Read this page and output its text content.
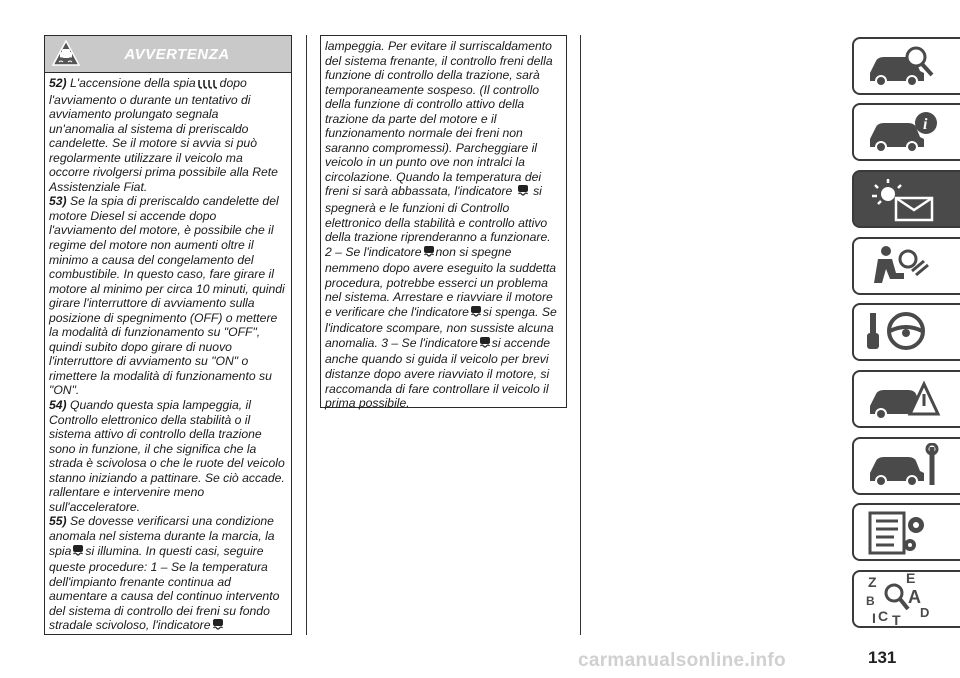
AVVERTENZA

52) L'accensione della spia dopo l'avviamento o durante un tentativo di avviamento prolungato segnala un'anomalia al sistema di preriscaldo candelette. Se il motore si avvia si può regolarmente utilizzare il veicolo ma occorre rivolgersi prima possibile alla Rete Assistenziale Fiat.

53) Se la spia di preriscaldo candelette del motore Diesel si accende dopo l'avviamento del motore, è possibile che il regime del motore non aumenti oltre il minimo a causa del congelamento del combustibile. In questo caso, fare girare il motore al minimo per circa 10 minuti, quindi girare l'interruttore di avviamento sulla posizione di spegnimento (OFF) o mettere la modalità di funzionamento su "OFF", quindi subito dopo girare di nuovo l'interruttore di avviamento su "ON" o rimettere la modalità di funzionamento su "ON".

54) Quando questa spia lampeggia, il Controllo elettronico della stabilità o il sistema attivo di controllo della trazione sono in funzione, il che significa che la strada è scivolosa o che le ruote del veicolo stanno iniziando a pattinare. Se ciò accade. rallentare e intervenire meno sull'acceleratore.

55) Se dovesse verificarsi una condizione anomala nel sistema durante la marcia, la spia si illumina. In questi casi, seguire queste procedure: 1 – Se la temperatura dell'impianto frenante continua ad aumentare a causa del continuo intervento del sistema di controllo dei freni su fondo stradale scivoloso, l'indicatore

lampeggia. Per evitare il surriscaldamento del sistema frenante, il controllo freni della funzione di controllo della trazione, sarà temporaneamente sospeso. (Il controllo della funzione di controllo attivo della trazione da parte del motore e il funzionamento normale dei freni non saranno compromessi). Parcheggiare il veicolo in un punto ove non intralci la circolazione. Quando la temperatura dei freni si sarà abbassata, l'indicatore si spegnerà e le funzioni di Controllo elettronico della stabilità e controllo attivo della trazione riprenderanno a funzionare.

2 – Se l'indicatore non si spegne nemmeno dopo avere eseguito la suddetta procedura, potrebbe esserci un problema nel sistema. Arrestare e riavviare il motore e verificare che l'indicatore si spenga. Se l'indicatore scompare, non sussiste alcuna anomalia. 3 – Se l'indicatore si accende anche quando si guida il veicolo per brevi distanze dopo avere riavviato il motore, si raccomanda di fare controllare il veicolo il prima possibile.

i
Z E
B A
C D
T
I
carmanualsonline.info	131
